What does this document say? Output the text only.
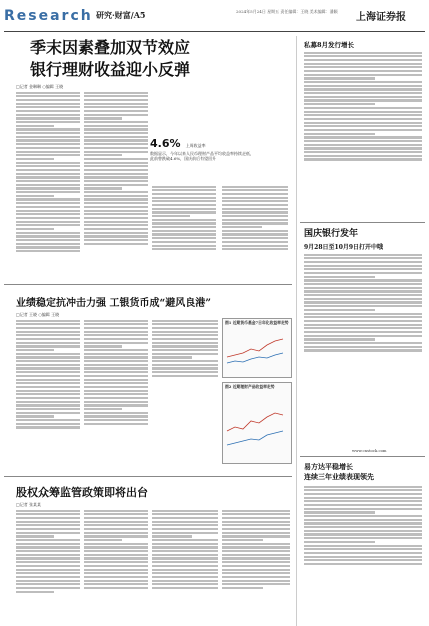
Research 研究·财富/A5	2024年5月24日 星期五 责任编辑：王晓 美术编辑：潘颖
上海证券报
季末因素叠加双节效应
银行理财收益迎小反弹
□记者 金琳琳 ○编辑 王晓
4.6% 上周收益率
数据显示，今年以来人民币理财产品平均收益率持续走低，此前曾跌破4.6%，国庆前后有望回升
业绩稳定抗冲击力强 工银货币成“避风良港”
□记者 王晓 ○编辑 王晓
图1 近期货币基金7日年化收益率走势
图2 近期理财产品收益率走势
股权众筹监管政策即将出台
□记者 张某某
私募8月发行增长
国庆银行发年
9月28日至10月9日打开中哦
www.cnstock.com
易方达平稳增长
连续三年业绩表现领先
